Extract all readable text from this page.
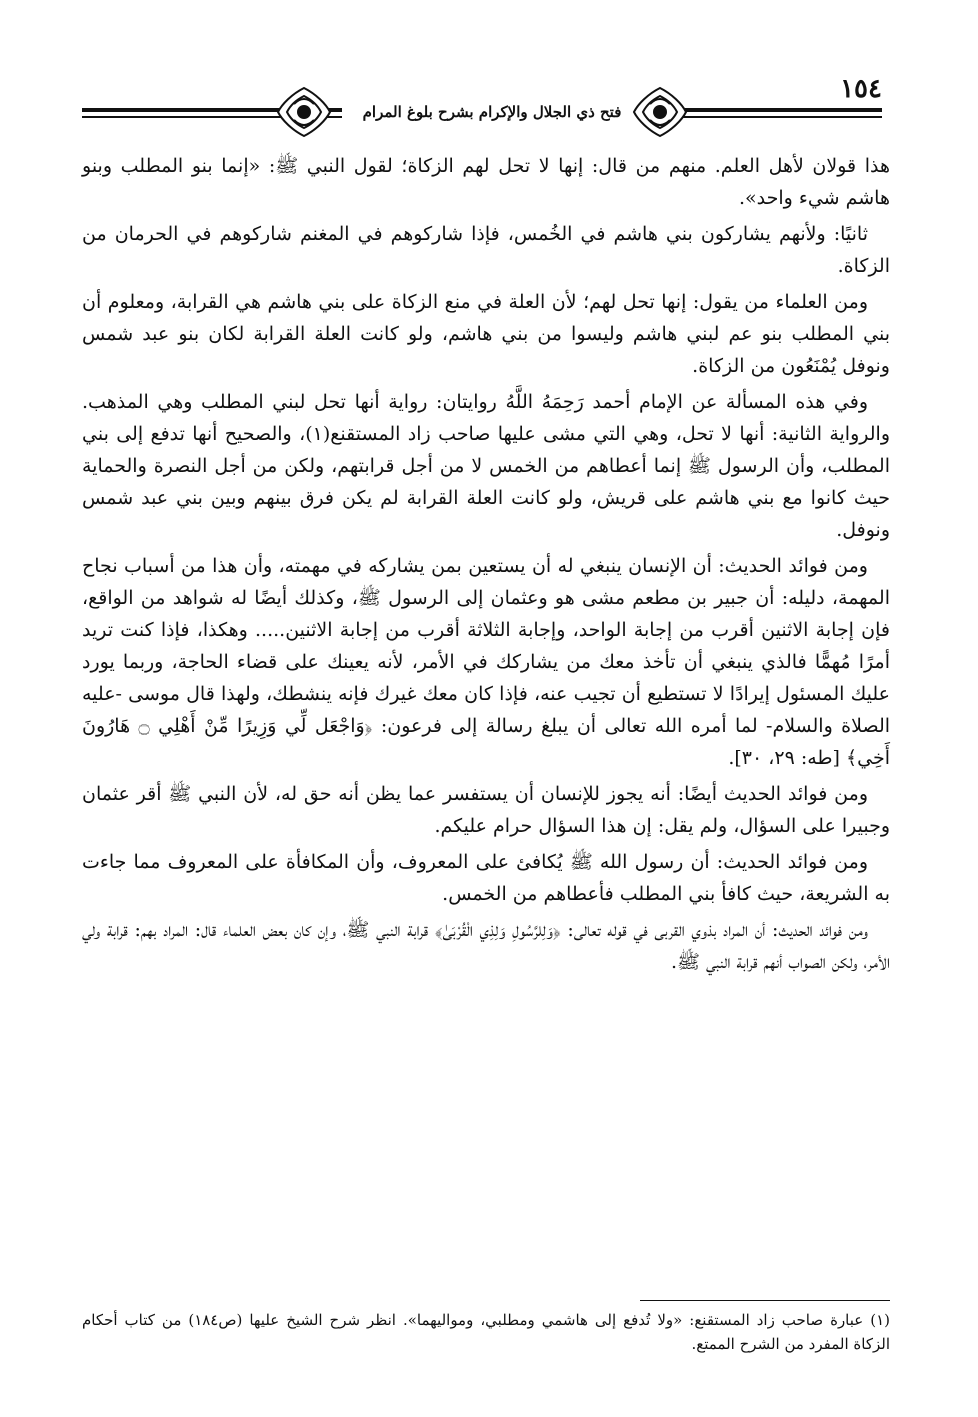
١٥٤
فتح ذي الجلال والإكرام بشرح بلوغ المرام

هذا قولان لأهل العلم. منهم من قال: إنها لا تحل لهم الزكاة؛ لقول النبي ﷺ: «إنما بنو المطلب وبنو هاشم شيء واحد».

ثانيًا: ولأنهم يشاركون بني هاشم في الخُمس، فإذا شاركوهم في المغنم شاركوهم في الحرمان من الزكاة.

ومن العلماء من يقول: إنها تحل لهم؛ لأن العلة في منع الزكاة على بني هاشم هي القرابة، ومعلوم أن بني المطلب بنو عم لبني هاشم وليسوا من بني هاشم، ولو كانت العلة القرابة لكان بنو عبد شمس ونوفل يُمْنَعُون من الزكاة.

وفي هذه المسألة عن الإمام أحمد رَحِمَهُ اللَّهُ روايتان: رواية أنها تحل لبني المطلب وهي المذهب. والرواية الثانية: أنها لا تحل، وهي التي مشى عليها صاحب زاد المستقنع(١)، والصحيح أنها تدفع إلى بني المطلب، وأن الرسول ﷺ إنما أعطاهم من الخمس لا من أجل قرابتهم، ولكن من أجل النصرة والحماية حيث كانوا مع بني هاشم على قريش، ولو كانت العلة القرابة لم يكن فرق بينهم وبين بني عبد شمس ونوفل.

ومن فوائد الحديث: أن الإنسان ينبغي له أن يستعين بمن يشاركه في مهمته، وأن هذا من أسباب نجاح المهمة، دليله: أن جبير بن مطعم مشى هو وعثمان إلى الرسول ﷺ، وكذلك أيضًا له شواهد من الواقع، فإن إجابة الاثنين أقرب من إجابة الواحد، وإجابة الثلاثة أقرب من إجابة الاثنين..... وهكذا، فإذا كنت تريد أمرًا مُهمًّا فالذي ينبغي أن تأخذ معك من يشاركك في الأمر، لأنه يعينك على قضاء الحاجة، وربما يورد عليك المسئول إيرادًا لا تستطيع أن تجيب عنه، فإذا كان معك غيرك فإنه ينشطك، ولهذا قال موسى -عليه الصلاة والسلام- لما أمره الله تعالى أن يبلغ رسالة إلى فرعون: ﴿وَاجْعَل لِّي وَزِيرًا مِّنْ أَهْلِي ۝ هَارُونَ أَخِي﴾ [طه: ٢٩، ٣٠].

ومن فوائد الحديث أيضًا: أنه يجوز للإنسان أن يستفسر عما يظن أنه حق له، لأن النبي ﷺ أقر عثمان وجبيرا على السؤال، ولم يقل: إن هذا السؤال حرام عليكم.

ومن فوائد الحديث: أن رسول الله ﷺ يُكافئ على المعروف، وأن المكافأة على المعروف مما جاءت به الشريعة، حيث كافأ بني المطلب فأعطاهم من الخمس.

ومن فوائد الحديث: أن المراد بذوي القربى في قوله تعالى: ﴿وَلِلرَّسُولِ وَلِذِي الْقُرْبَىٰ﴾ قرابة النبي ﷺ، وإن كان بعض العلماء قال: المراد بهم: قرابة ولي الأمر، ولكن الصواب أنهم قرابة النبي ﷺ.

(١) عبارة صاحب زاد المستقنع: «ولا تُدفع إلى هاشمي ومطلبي، ومواليهما». انظر شرح الشيخ عليها (ص١٨٤) من كتاب أحكام الزكاة المفرد من الشرح الممتع.
